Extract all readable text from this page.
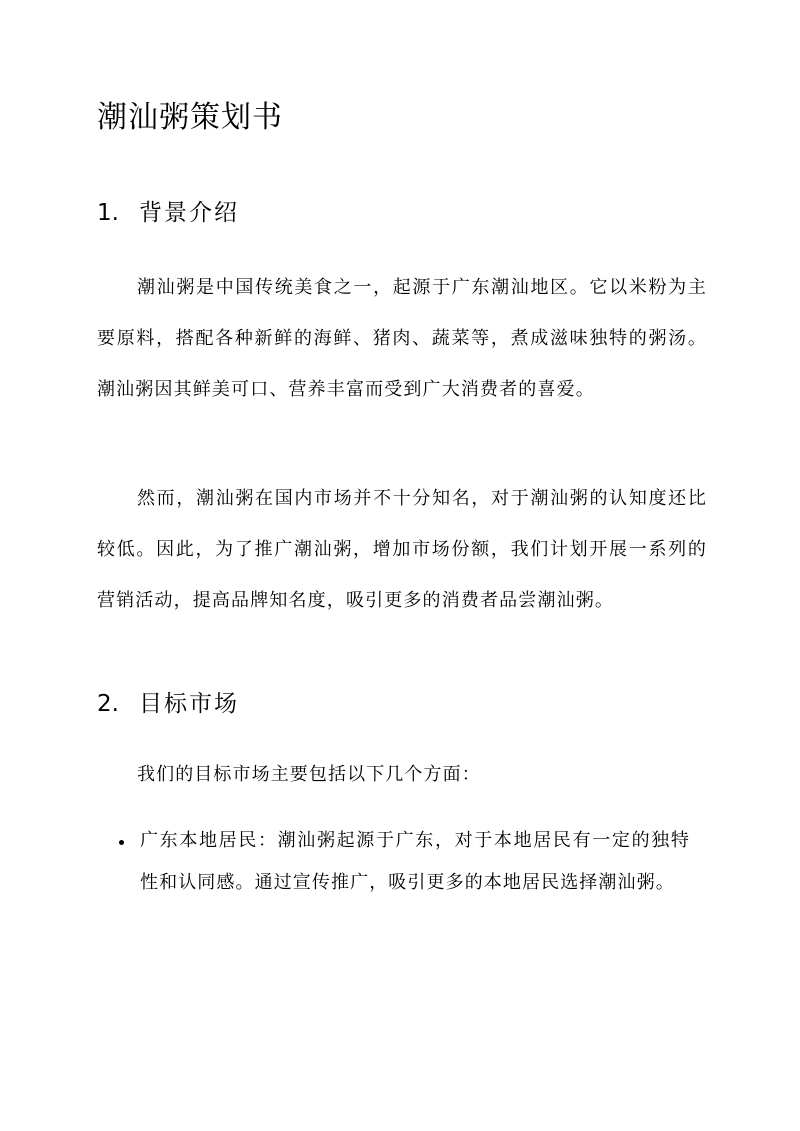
潮汕粥策划书
1. 背景介绍

潮汕粥是中国传统美食之一，起源于广东潮汕地区。它以米粉为主要原料，搭配各种新鲜的海鲜、猪肉、蔬菜等，煮成滋味独特的粥汤。潮汕粥因其鲜美可口、营养丰富而受到广大消费者的喜爱。

然而，潮汕粥在国内市场并不十分知名，对于潮汕粥的认知度还比较低。因此，为了推广潮汕粥，增加市场份额，我们计划开展一系列的营销活动，提高品牌知名度，吸引更多的消费者品尝潮汕粥。

2. 目标市场

我们的目标市场主要包括以下几个方面：

广东本地居民：潮汕粥起源于广东，对于本地居民有一定的独特性和认同感。通过宣传推广，吸引更多的本地居民选择潮汕粥。
